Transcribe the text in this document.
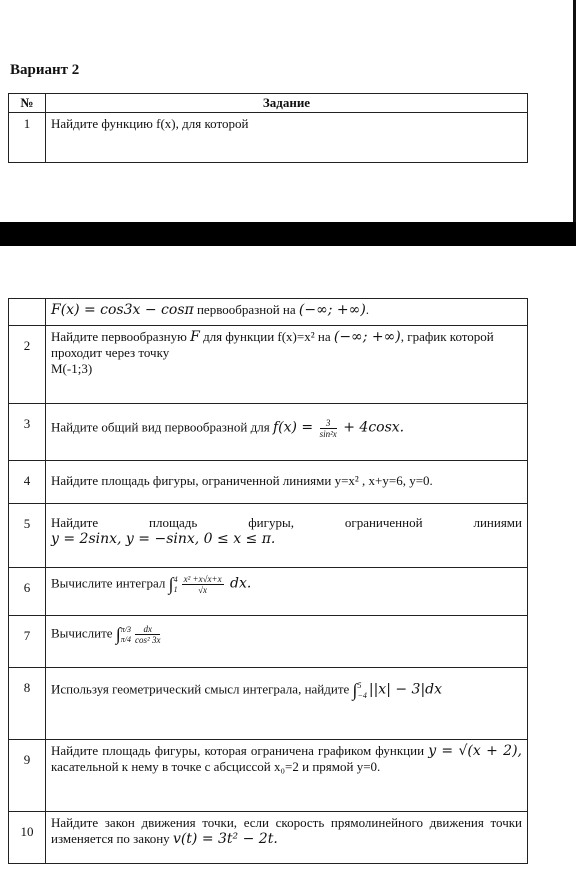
Вариант 2
№	Задание
1	Найдите функцию f(x), для которой
	F(x) = cos3x − cosπ первообразной на (−∞; +∞).
2	Найдите первообразную F для функции f(x)=x² на (−∞; +∞), график которой проходит через точку
M(-1;3)
3	Найдите общий вид первообразной для $f(x) = \frac{3}{\text{sin²x}} + 4\cos x$.
4	Найдите площадь фигуры, ограниченной линиями y=x² , x+y=6, y=0.
5	Найдите площадь фигуры, ограниченной линиями
y = 2sinx, y = −sinx, 0 ≤ x ≤ π.

6	Вычислите интеграл ∫4
$1 \frac{\text{x² +x√x+x}}{√x}$ dx.
7	Вычислите ∫π/3
$\pi/4 \frac{dx}{\text{cos² 3x}}$

8	Используя геометрический смысл интеграла, найдите ∫5
−4 ||x| − 3|dx
9	Найдите площадь фигуры, которая ограничена графиком функции y = √(x + 2), касательной к нему в точке с абсциссой x₀=2 и прямой y=0.
10	Найдите закон движения точки, если скорость прямолинейного движения точки изменяется по закону v(t) = 3t² − 2t.
